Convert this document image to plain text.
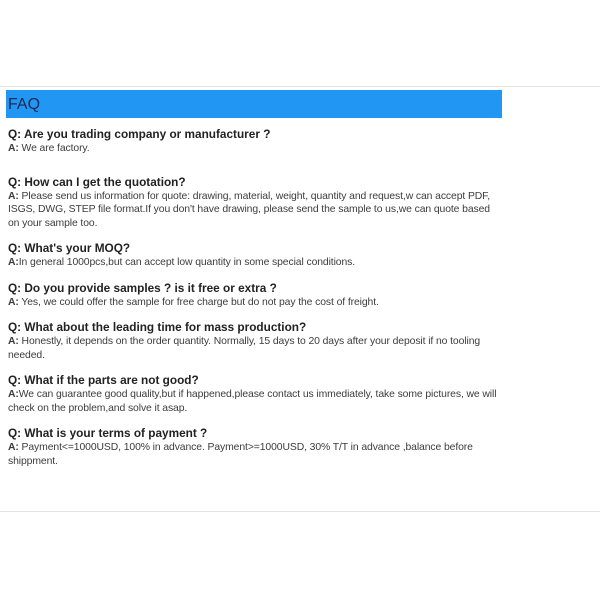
FAQ
Q: Are you trading company or manufacturer ?
A: We are factory.
Q: How can I get the quotation?
A: Please send us information for quote: drawing, material, weight, quantity and request,w can accept PDF, ISGS, DWG, STEP file format.If you don't have drawing, please send the sample to us,we can quote based on your sample too.
Q: What's your MOQ?
A:In general 1000pcs,but can accept low quantity in some special conditions.
Q: Do you provide samples ? is it free or extra ?
A: Yes, we could offer the sample for free charge but do not pay the cost of freight.
Q: What about the leading time for mass production?
A: Honestly, it depends on the order quantity. Normally, 15 days to 20 days after your deposit if no tooling needed.
Q: What if the parts are not good?
A:We can guarantee good quality,but if happened,please contact us immediately, take some pictures, we will check on the problem,and solve it asap.
Q: What is your terms of payment ?
A: Payment<=1000USD, 100% in advance. Payment>=1000USD, 30% T/T in advance ,balance before shippment.
